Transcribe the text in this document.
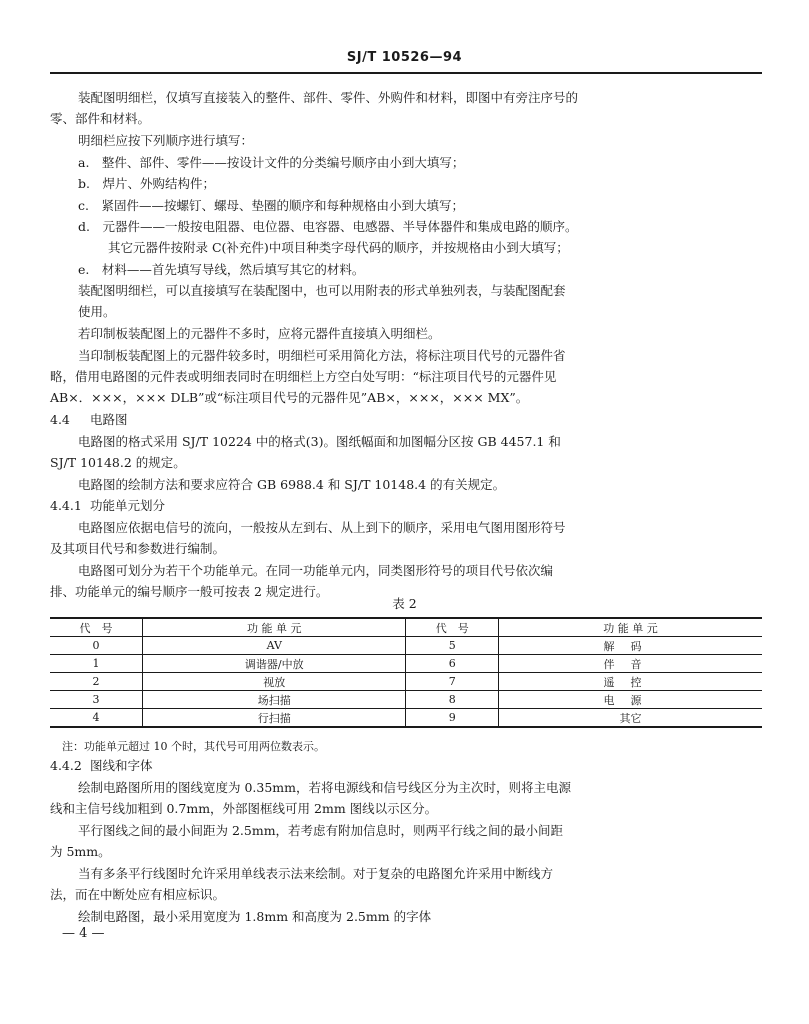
SJ/T 10526—94
装配图明细栏，仅填写直接装入的整件、部件、零件、外购件和材料，即图中有旁注序号的
零、部件和材料。
明细栏应按下列顺序进行填写：
a.　整件、部件、零件——按设计文件的分类编号顺序由小到大填写；
b.　焊片、外购结构件；
c.　紧固件——按螺钉、螺母、垫圈的顺序和每种规格由小到大填写；
d.　元器件——一般按电阻器、电位器、电容器、电感器、半导体器件和集成电路的顺序。
其它元器件按附录 C(补充件)中项目种类字母代码的顺序，并按规格由小到大填写；
e.　材料——首先填写导线，然后填写其它的材料。
装配图明细栏，可以直接填写在装配图中，也可以用附表的形式单独列表，与装配图配套
使用。
若印制板装配图上的元器件不多时，应将元器件直接填入明细栏。
当印制板装配图上的元器件较多时，明细栏可采用简化方法，将标注项目代号的元器件省
略，借用电路图的元件表或明细表同时在明细栏上方空白处写明：“标注项目代号的元器件见
AB×．×××，××× DLB”或“标注项目代号的元器件见”AB×，×××，××× MX”。
4.4 电路图
电路图的格式采用 SJ/T 10224 中的格式(3)。图纸幅面和加图幅分区按 GB 4457.1 和
SJ/T 10148.2 的规定。
电路图的绘制方法和要求应符合 GB 6988.4 和 SJ/T 10148.4 的有关规定。
4.4.1 功能单元划分
电路图应依据电信号的流向，一般按从左到右、从上到下的顺序，采用电气图用图形符号
及其项目代号和参数进行编制。
电路图可划分为若干个功能单元。在同一功能单元内，同类图形符号的项目代号依次编
排、功能单元的编号顺序一般可按表 2 规定进行。
表 2
代　号	功 能 单 元	代　号	功 能 单 元
0	AV	5	解码
1	调谐器/中放	6	伴音
2	视放	7	遥控
3	场扫描	8	电源
4	行扫描	9	其它
注：功能单元超过 10 个时，其代号可用两位数表示。
4.4.2 图线和字体
绘制电路图所用的图线宽度为 0.35mm，若将电源线和信号线区分为主次时，则将主电源
线和主信号线加粗到 0.7mm，外部图框线可用 2mm 图线以示区分。
平行图线之间的最小间距为 2.5mm，若考虑有附加信息时，则两平行线之间的最小间距
为 5mm。
当有多条平行线图时允许采用单线表示法来绘制。对于复杂的电路图允许采用中断线方
法，而在中断处应有相应标识。
绘制电路图，最小采用宽度为 1.8mm 和高度为 2.5mm 的字体
— 4 —
